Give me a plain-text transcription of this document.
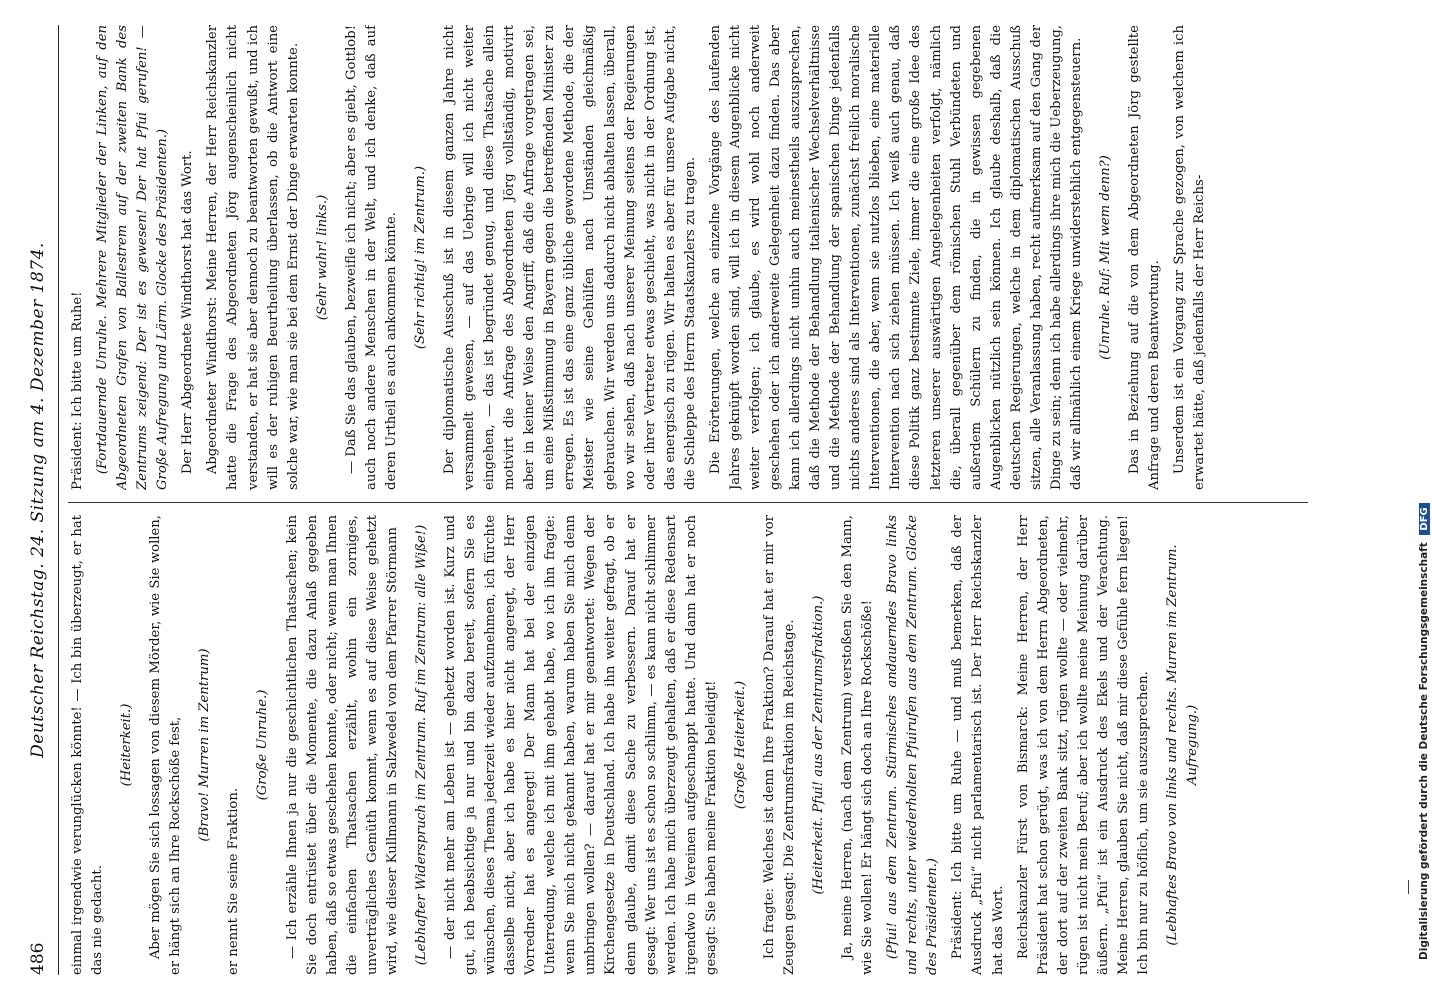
486
Deutscher Reichstag. 24. Sitzung am 4. Dezember 1874. einmal irgendwie verunglücken könnte! — Ich bin überzeugt, er hat das nie gedacht.

(Heiterkeit.) Aber mögen Sie sich lossagen von diesem Mörder, wie Sie wollen, er hängt sich an Ihre Rockschöße fest, (Bravo! Murren im Zentrum)

er nennt Sie seine Fraktion.

(Große Unruhe.) — Ich erzähle Ihnen ja nur die geschichtlichen Thatsachen; kein Sie doch entrüstet über die Momente, die dazu Anlaß gegeben haben, daß so etwas geschehen konnte, oder nicht; wenn man Ihnen die einfachen Thatsachen erzählt, wohin ein zorniges, unverträgliches Gemüth kommt, wenn es auf diese Weise gehetzt wird, wie dieser Kullmann in Salzwedel von dem Pfarrer Störmann (Lebhafter Widerspruch im Zentrum. Ruf im Zentrum: alle Wiße!) — der nicht mehr am Leben ist — gehetzt worden ist. Kurz und gut, ich beabsichtige ja nur und bin dazu bereit, sofern Sie es wünschen, dieses Thema jederzeit wieder aufzunehmen, ich fürchte dasselbe nicht, aber ich habe es hier nicht angeregt, der Herr Vorredner hat es angeregt! Der Mann hat bei der einzigen Unterredung, welche ich mit ihm gehabt habe, wo ich ihn fragte: wenn Sie mich nicht gekannt haben, warum haben Sie mich denn umbringen wollen? — darauf hat er mir geantwortet: Wegen der Kirchengesetze in Deutschland. Ich habe ihn weiter gefragt, ob er denn glaube, damit diese Sache zu verbessern. Darauf hat er gesagt: Wer uns ist es schon so schlimm, — es kann nicht schlimmer werden. Ich habe mich überzeugt gehalten, daß er diese Redensart irgendwo in Vereinen aufgeschnappt hatte. Und dann hat er noch gesagt: Sie haben meine Fraktion beleidigt! (Große Heiterkeit.) Ich fragte: Welches ist denn Ihre Fraktion? Darauf hat er mir vor Zeugen gesagt: Die Zentrumsfraktion im Reichstage. (Heiterkeit. Pfui! aus der Zentrumsfraktion.) Ja, meine Herren, (nach dem Zentrum) verstoßen Sie den Mann, wie Sie wollen! Er hängt sich doch an Ihre Rockschöße! (Pfui! aus dem Zentrum. Stürmisches andauerndes Bravo links und rechts, unter wiederholten Pfuirufen aus dem Zentrum. Glocke des Präsidenten.) Präsident: Ich bitte um Ruhe — und muß bemerken, daß der Ausdruck „Pfui“ nicht parlamentarisch ist. Der Herr Reichskanzler hat das Wort. Reichskanzler Fürst von Bismarck: Meine Herren, der Herr Präsident hat schon gerügt, was ich von dem Herrn Abgeordneten, der dort auf der zweiten Bank sitzt, rügen wollte — oder vielmehr, rügen ist nicht mein Beruf; aber ich wollte meine Meinung darüber äußern. „Pfui“ ist ein Ausdruck des Ekels und der Verachtung. Meine Herren, glauben Sie nicht, daß mir diese Gefühle fern liegen! Ich bin nur zu höflich, um sie auszusprechen. (Lebhaftes Bravo von links und rechts. Murren im Zentrum. Aufregung.)

Präsident: Ich bitte um Ruhe! (Fortdauernde Unruhe. Mehrere Mitglieder der Linken, auf den Abgeordneten Grafen von Ballestrem auf der zweiten Bank des Zentrums zeigend: Der ist es gewesen! Der hat Pfui gerufen! — Große Aufregung und Lärm. Glocke des Präsidenten.) Der Herr Abgeordnete Windthorst hat das Wort. Abgeordneter Windthorst: Meine Herren, der Herr Reichskanzler hatte die Frage des Abgeordneten Jörg augenscheinlich nicht verstanden, er hat sie aber dennoch zu beantworten gewußt, und ich will es der ruhigen Beurtheilung überlassen, ob die Antwort eine solche war, wie man sie bei dem Ernst der Dinge erwarten konnte. (Sehr wahr! links.) — Daß Sie das glauben, bezweifle ich nicht; aber es giebt, Gottlob! auch noch andere Menschen in der Welt, und ich denke, daß auf deren Urtheil es auch ankommen könnte. (Sehr richtig! im Zentrum.) Der diplomatische Ausschuß ist in diesem ganzen Jahre nicht versammelt gewesen, — auf das Uebrige will ich nicht weiter eingehen, — das ist begründet genug, und diese Thatsache allein motivirt die Anfrage des Abgeordneten Jörg vollständig, motivirt aber in keiner Weise den Angriff, daß die Anfrage vorgetragen sei, um eine Mißstimmung in Bayern gegen die betreffenden Minister zu erregen. Es ist das eine ganz übliche gewordene Methode, die der Meister wie seine Gehülfen nach Umständen gleichmäßig gebrauchen. Wir werden uns dadurch nicht abhalten lassen, überall, wo wir sehen, daß nach unserer Meinung seitens der Regierungen oder ihrer Vertreter etwas geschieht, was nicht in der Ordnung ist, das energisch zu rügen. Wir halten es aber für unsere Aufgabe nicht, die Schleppe des Herrn Staatskanzlers zu tragen. Die Erörterungen, welche an einzelne Vorgänge des laufenden Jahres geknüpft worden sind, will ich in diesem Augenblicke nicht weiter verfolgen; ich glaube, es wird wohl noch anderweit geschehen oder ich anderweite Gelegenheit dazu finden. Das aber kann ich allerdings nicht umhin auch meinestheils auszusprechen, daß die Methode der Behandlung italienischer Wechselverhältnisse und die Methode der Behandlung der spanischen Dinge jedenfalls nichts anderes sind als Interventionen, zunächst freilich moralische Interventionen, die aber, wenn sie nutzlos blieben, eine materielle Intervention nach sich ziehen müssen. Ich weiß auch genau, daß diese Politik ganz bestimmte Ziele, immer die eine große Idee des letzteren unserer auswärtigen Angelegenheiten verfolgt, nämlich die, überall gegenüber dem römischen Stuhl Verbündeten und außerdem Schülern zu finden, die in gewissen gegebenen Augenblicken nützlich sein können. Ich glaube deshalb, daß die deutschen Regierungen, welche in dem diplomatischen Ausschuß sitzen, alle Veranlassung haben, recht aufmerksam auf den Gang der Dinge zu sein; denn ich habe allerdings ihre mich die Ueberzeugung, daß wir allmählich einem Kriege unwiderstehlich entgegensteuern. (Unruhe. Ruf: Mit wem denn?) Das in Beziehung auf die von dem Abgeordneten Jörg gestellte Anfrage und deren Beantwortung. Unserdem ist ein Vorgang zur Sprache gezogen, von welchem ich erwartet hätte, daß jedenfalls der Herr Reichs-

Digitalisierung gefördert durch die Deutsche Forschungsgemeinschaft DFG
